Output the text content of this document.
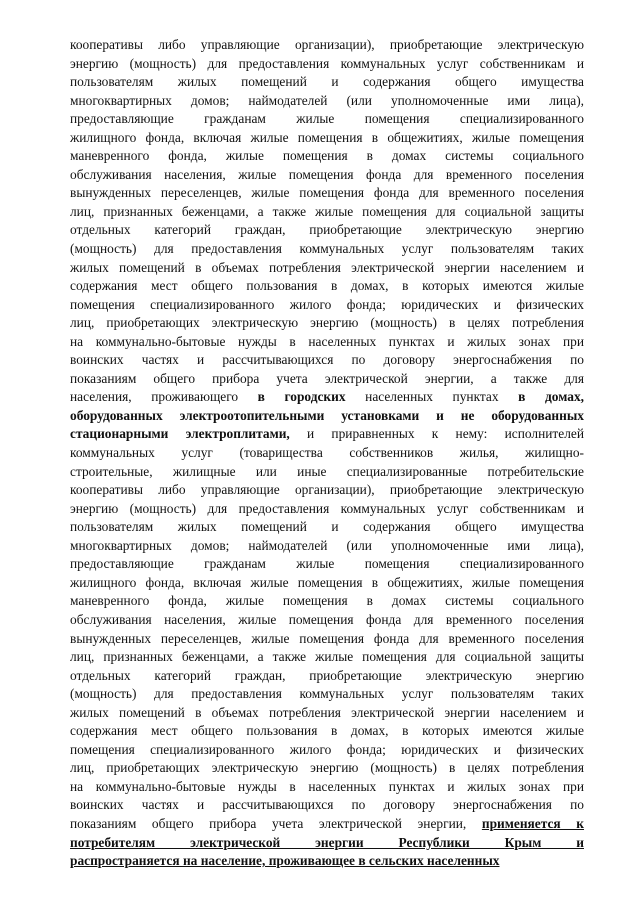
кооперативы либо управляющие организации), приобретающие электрическую
энергию (мощность) для предоставления коммунальных услуг собственникам и
пользователям жилых помещений и содержания общего имущества
многоквартирных домов; наймодателей (или уполномоченные ими лица),
предоставляющие гражданам жилые помещения специализированного
жилищного фонда, включая жилые помещения в общежитиях, жилые помещения
маневренного фонда, жилые помещения в домах системы социального
обслуживания населения, жилые помещения фонда для временного поселения
вынужденных переселенцев, жилые помещения фонда для временного поселения
лиц, признанных беженцами, а также жилые помещения для социальной защиты
отдельных категорий граждан, приобретающие электрическую энергию
(мощность) для предоставления коммунальных услуг пользователям таких
жилых помещений в объемах потребления электрической энергии населением и
содержания мест общего пользования в домах, в которых имеются жилые
помещения специализированного жилого фонда; юридических и физических
лиц, приобретающих электрическую энергию (мощность) в целях потребления
на коммунально-бытовые нужды в населенных пунктах и жилых зонах при
воинских частях и рассчитывающихся по договору энергоснабжения по
показаниям общего прибора учета электрической энергии, а также для
населения, проживающего в городских населенных пунктах в домах,
оборудованных электроотопительными установками и не оборудованных
стационарными электроплитами, и приравненных к нему: исполнителей
коммунальных услуг (товарищества собственников жилья, жилищно-
строительные, жилищные или иные специализированные потребительские
кооперативы либо управляющие организации), приобретающие электрическую
энергию (мощность) для предоставления коммунальных услуг собственникам и
пользователям жилых помещений и содержания общего имущества
многоквартирных домов; наймодателей (или уполномоченные ими лица),
предоставляющие гражданам жилые помещения специализированного
жилищного фонда, включая жилые помещения в общежитиях, жилые помещения
маневренного фонда, жилые помещения в домах системы социального
обслуживания населения, жилые помещения фонда для временного поселения
вынужденных переселенцев, жилые помещения фонда для временного поселения
лиц, признанных беженцами, а также жилые помещения для социальной защиты
отдельных категорий граждан, приобретающие электрическую энергию
(мощность) для предоставления коммунальных услуг пользователям таких
жилых помещений в объемах потребления электрической энергии населением и
содержания мест общего пользования в домах, в которых имеются жилые
помещения специализированного жилого фонда; юридических и физических
лиц, приобретающих электрическую энергию (мощность) в целях потребления
на коммунально-бытовые нужды в населенных пунктах и жилых зонах при
воинских частях и рассчитывающихся по договору энергоснабжения по
показаниям общего прибора учета электрической энергии, применяется к
потребителям электрической энергии Республики Крым и
распространяется на население, проживающее в сельских населенных
